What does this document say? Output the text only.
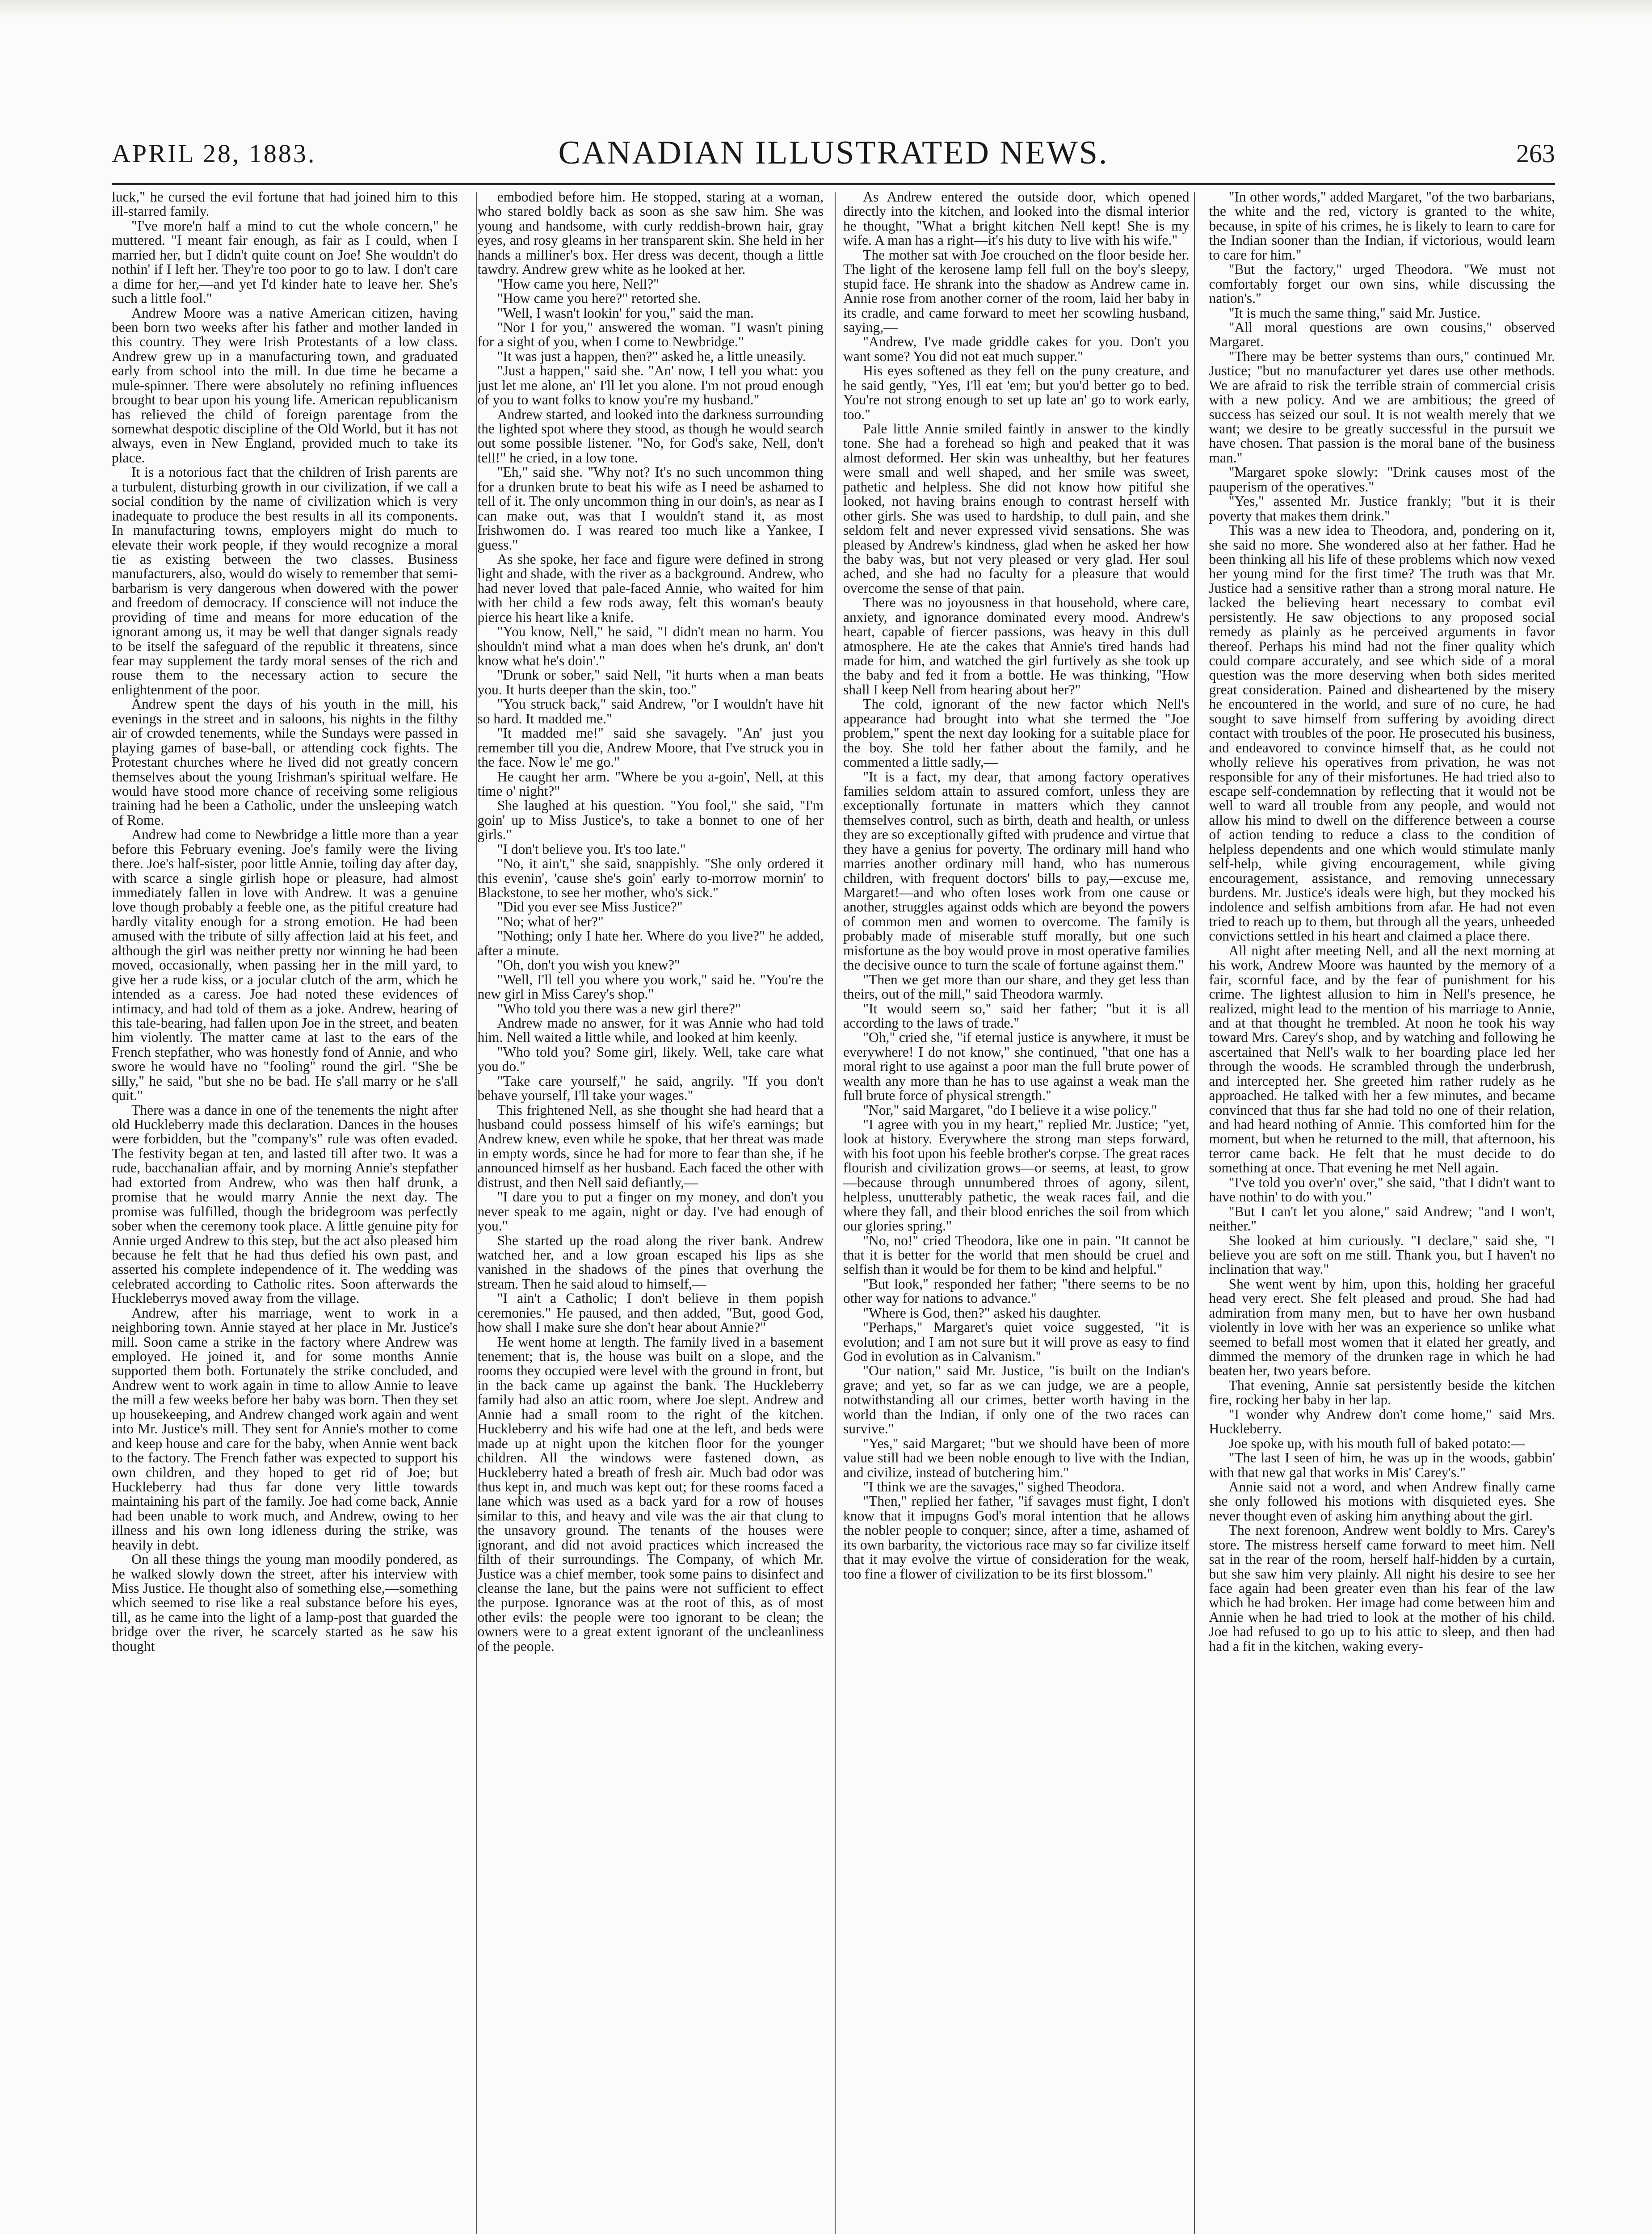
APRIL 28, 1883.	CANADIAN ILLUSTRATED NEWS.	263

luck," he cursed the evil fortune that had joined him to this ill-starred family.

"I've more'n half a mind to cut the whole concern," he muttered. "I meant fair enough, as fair as I could, when I married her, but I didn't quite count on Joe! She wouldn't do nothin' if I left her. They're too poor to go to law. I don't care a dime for her,—and yet I'd kinder hate to leave her. She's such a little fool."

Andrew Moore was a native American citizen, having been born two weeks after his father and mother landed in this country. They were Irish Protestants of a low class. Andrew grew up in a manufacturing town, and graduated early from school into the mill. In due time he became a mule-spinner. There were absolutely no refining influences brought to bear upon his young life. American republicanism has relieved the child of foreign parentage from the somewhat despotic discipline of the Old World, but it has not always, even in New England, provided much to take its place.

It is a notorious fact that the children of Irish parents are a turbulent, disturbing growth in our civilization, if we call a social condition by the name of civilization which is very inadequate to produce the best results in all its components. In manufacturing towns, employers might do much to elevate their work people, if they would recognize a moral tie as existing between the two classes. Business manufacturers, also, would do wisely to remember that semi-barbarism is very dangerous when dowered with the power and freedom of democracy. If conscience will not induce the providing of time and means for more education of the ignorant among us, it may be well that danger signals ready to be itself the safeguard of the republic it threatens, since fear may supplement the tardy moral senses of the rich and rouse them to the necessary action to secure the enlightenment of the poor.

Andrew spent the days of his youth in the mill, his evenings in the street and in saloons, his nights in the filthy air of crowded tenements, while the Sundays were passed in playing games of base-ball, or attending cock fights. The Protestant churches where he lived did not greatly concern themselves about the young Irishman's spiritual welfare. He would have stood more chance of receiving some religious training had he been a Catholic, under the unsleeping watch of Rome.

Andrew had come to Newbridge a little more than a year before this February evening. Joe's family were the living there. Joe's half-sister, poor little Annie, toiling day after day, with scarce a single girlish hope or pleasure, had almost immediately fallen in love with Andrew. It was a genuine love though probably a feeble one, as the pitiful creature had hardly vitality enough for a strong emotion. He had been amused with the tribute of silly affection laid at his feet, and although the girl was neither pretty nor winning he had been moved, occasionally, when passing her in the mill yard, to give her a rude kiss, or a jocular clutch of the arm, which he intended as a caress. Joe had noted these evidences of intimacy, and had told of them as a joke. Andrew, hearing of this tale-bearing, had fallen upon Joe in the street, and beaten him violently. The matter came at last to the ears of the French stepfather, who was honestly fond of Annie, and who swore he would have no "fooling" round the girl. "She be silly," he said, "but she no be bad. He s'all marry or he s'all quit."

There was a dance in one of the tenements the night after old Huckleberry made this declaration. Dances in the houses were forbidden, but the "company's" rule was often evaded. The festivity began at ten, and lasted till after two. It was a rude, bacchanalian affair, and by morning Annie's stepfather had extorted from Andrew, who was then half drunk, a promise that he would marry Annie the next day. The promise was fulfilled, though the bridegroom was perfectly sober when the ceremony took place. A little genuine pity for Annie urged Andrew to this step, but the act also pleased him because he felt that he had thus defied his own past, and asserted his complete independence of it. The wedding was celebrated according to Catholic rites. Soon afterwards the Huckleberrys moved away from the village.

Andrew, after his marriage, went to work in a neighboring town. Annie stayed at her place in Mr. Justice's mill. Soon came a strike in the factory where Andrew was employed. He joined it, and for some months Annie supported them both. Fortunately the strike concluded, and Andrew went to work again in time to allow Annie to leave the mill a few weeks before her baby was born. Then they set up housekeeping, and Andrew changed work again and went into Mr. Justice's mill. They sent for Annie's mother to come and keep house and care for the baby, when Annie went back to the factory. The French father was expected to support his own children, and they hoped to get rid of Joe; but Huckleberry had thus far done very little towards maintaining his part of the family. Joe had come back, Annie had been unable to work much, and Andrew, owing to her illness and his own long idleness during the strike, was heavily in debt.

On all these things the young man moodily pondered, as he walked slowly down the street, after his interview with Miss Justice. He thought also of something else,—something which seemed to rise like a real substance before his eyes, till, as he came into the light of a lamp-post that guarded the bridge over the river, he scarcely started as he saw his thought

embodied before him. He stopped, staring at a woman, who stared boldly back as soon as she saw him. She was young and handsome, with curly reddish-brown hair, gray eyes, and rosy gleams in her transparent skin. She held in her hands a milliner's box. Her dress was decent, though a little tawdry. Andrew grew white as he looked at her.

"How came you here, Nell?"

"How came you here?" retorted she.

"Well, I wasn't lookin' for you," said the man.

"Nor I for you," answered the woman. "I wasn't pining for a sight of you, when I come to Newbridge."

"It was just a happen, then?" asked he, a little uneasily.

"Just a happen," said she. "An' now, I tell you what: you just let me alone, an' I'll let you alone. I'm not proud enough of you to want folks to know you're my husband."

Andrew started, and looked into the darkness surrounding the lighted spot where they stood, as though he would search out some possible listener. "No, for God's sake, Nell, don't tell!" he cried, in a low tone.

"Eh," said she. "Why not? It's no such uncommon thing for a drunken brute to beat his wife as I need be ashamed to tell of it. The only uncommon thing in our doin's, as near as I can make out, was that I wouldn't stand it, as most Irishwomen do. I was reared too much like a Yankee, I guess."

As she spoke, her face and figure were defined in strong light and shade, with the river as a background. Andrew, who had never loved that pale-faced Annie, who waited for him with her child a few rods away, felt this woman's beauty pierce his heart like a knife.

"You know, Nell," he said, "I didn't mean no harm. You shouldn't mind what a man does when he's drunk, an' don't know what he's doin'."

"Drunk or sober," said Nell, "it hurts when a man beats you. It hurts deeper than the skin, too."

"You struck back," said Andrew, "or I wouldn't have hit so hard. It madded me."

"It madded me!" said she savagely. "An' just you remember till you die, Andrew Moore, that I've struck you in the face. Now le' me go."

He caught her arm. "Where be you a-goin', Nell, at this time o' night?"

She laughed at his question. "You fool," she said, "I'm goin' up to Miss Justice's, to take a bonnet to one of her girls."

"I don't believe you. It's too late."

"No, it ain't," she said, snappishly. "She only ordered it this evenin', 'cause she's goin' early to-morrow mornin' to Blackstone, to see her mother, who's sick."

"Did you ever see Miss Justice?"

"No; what of her?"

"Nothing; only I hate her. Where do you live?" he added, after a minute.

"Oh, don't you wish you knew?"

"Well, I'll tell you where you work," said he. "You're the new girl in Miss Carey's shop."

"Who told you there was a new girl there?"

Andrew made no answer, for it was Annie who had told him. Nell waited a little while, and looked at him keenly.

"Who told you? Some girl, likely. Well, take care what you do."

"Take care yourself," he said, angrily. "If you don't behave yourself, I'll take your wages."

This frightened Nell, as she thought she had heard that a husband could possess himself of his wife's earnings; but Andrew knew, even while he spoke, that her threat was made in empty words, since he had for more to fear than she, if he announced himself as her husband. Each faced the other with distrust, and then Nell said defiantly,—

"I dare you to put a finger on my money, and don't you never speak to me again, night or day. I've had enough of you."

She started up the road along the river bank. Andrew watched her, and a low groan escaped his lips as she vanished in the shadows of the pines that overhung the stream. Then he said aloud to himself,—

"I ain't a Catholic; I don't believe in them popish ceremonies." He paused, and then added, "But, good God, how shall I make sure she don't hear about Annie?"

He went home at length. The family lived in a basement tenement; that is, the house was built on a slope, and the rooms they occupied were level with the ground in front, but in the back came up against the bank. The Huckleberry family had also an attic room, where Joe slept. Andrew and Annie had a small room to the right of the kitchen. Huckleberry and his wife had one at the left, and beds were made up at night upon the kitchen floor for the younger children. All the windows were fastened down, as Huckleberry hated a breath of fresh air. Much bad odor was thus kept in, and much was kept out; for these rooms faced a lane which was used as a back yard for a row of houses similar to this, and heavy and vile was the air that clung to the unsavory ground. The tenants of the houses were ignorant, and did not avoid practices which increased the filth of their surroundings. The Company, of which Mr. Justice was a chief member, took some pains to disinfect and cleanse the lane, but the pains were not sufficient to effect the purpose. Ignorance was at the root of this, as of most other evils: the people were too ignorant to be clean; the owners were to a great extent ignorant of the uncleanliness of the people.

As Andrew entered the outside door, which opened directly into the kitchen, and looked into the dismal interior he thought, "What a bright kitchen Nell kept! She is my wife. A man has a right—it's his duty to live with his wife."

The mother sat with Joe crouched on the floor beside her. The light of the kerosene lamp fell full on the boy's sleepy, stupid face. He shrank into the shadow as Andrew came in. Annie rose from another corner of the room, laid her baby in its cradle, and came forward to meet her scowling husband, saying,—

"Andrew, I've made griddle cakes for you. Don't you want some? You did not eat much supper."

His eyes softened as they fell on the puny creature, and he said gently, "Yes, I'll eat 'em; but you'd better go to bed. You're not strong enough to set up late an' go to work early, too."

Pale little Annie smiled faintly in answer to the kindly tone. She had a forehead so high and peaked that it was almost deformed. Her skin was unhealthy, but her features were small and well shaped, and her smile was sweet, pathetic and helpless. She did not know how pitiful she looked, not having brains enough to contrast herself with other girls. She was used to hardship, to dull pain, and she seldom felt and never expressed vivid sensations. She was pleased by Andrew's kindness, glad when he asked her how the baby was, but not very pleased or very glad. Her soul ached, and she had no faculty for a pleasure that would overcome the sense of that pain.

There was no joyousness in that household, where care, anxiety, and ignorance dominated every mood. Andrew's heart, capable of fiercer passions, was heavy in this dull atmosphere. He ate the cakes that Annie's tired hands had made for him, and watched the girl furtively as she took up the baby and fed it from a bottle. He was thinking, "How shall I keep Nell from hearing about her?"

The cold, ignorant of the new factor which Nell's appearance had brought into what she termed the "Joe problem," spent the next day looking for a suitable place for the boy. She told her father about the family, and he commented a little sadly,—

"It is a fact, my dear, that among factory operatives families seldom attain to assured comfort, unless they are exceptionally fortunate in matters which they cannot themselves control, such as birth, death and health, or unless they are so exceptionally gifted with prudence and virtue that they have a genius for poverty. The ordinary mill hand who marries another ordinary mill hand, who has numerous children, with frequent doctors' bills to pay,—excuse me, Margaret!—and who often loses work from one cause or another, struggles against odds which are beyond the powers of common men and women to overcome. The family is probably made of miserable stuff morally, but one such misfortune as the boy would prove in most operative families the decisive ounce to turn the scale of fortune against them."

"Then we get more than our share, and they get less than theirs, out of the mill," said Theodora warmly.

"It would seem so," said her father; "but it is all according to the laws of trade."

"Oh," cried she, "if eternal justice is anywhere, it must be everywhere! I do not know," she continued, "that one has a moral right to use against a poor man the full brute power of wealth any more than he has to use against a weak man the full brute force of physical strength."

"Nor," said Margaret, "do I believe it a wise policy."

"I agree with you in my heart," replied Mr. Justice; "yet, look at history. Everywhere the strong man steps forward, with his foot upon his feeble brother's corpse. The great races flourish and civilization grows—or seems, at least, to grow—because through unnumbered throes of agony, silent, helpless, unutterably pathetic, the weak races fail, and die where they fall, and their blood enriches the soil from which our glories spring."

"No, no!" cried Theodora, like one in pain. "It cannot be that it is better for the world that men should be cruel and selfish than it would be for them to be kind and helpful."

"But look," responded her father; "there seems to be no other way for nations to advance."

"Where is God, then?" asked his daughter.

"Perhaps," Margaret's quiet voice suggested, "it is evolution; and I am not sure but it will prove as easy to find God in evolution as in Calvanism."

"Our nation," said Mr. Justice, "is built on the Indian's grave; and yet, so far as we can judge, we are a people, notwithstanding all our crimes, better worth having in the world than the Indian, if only one of the two races can survive."

"Yes," said Margaret; "but we should have been of more value still had we been noble enough to live with the Indian, and civilize, instead of butchering him."

"I think we are the savages," sighed Theodora.

"Then," replied her father, "if savages must fight, I don't know that it impugns God's moral intention that he allows the nobler people to conquer; since, after a time, ashamed of its own barbarity, the victorious race may so far civilize itself that it may evolve the virtue of consideration for the weak, too fine a flower of civilization to be its first blossom."

"In other words," added Margaret, "of the two barbarians, the white and the red, victory is granted to the white, because, in spite of his crimes, he is likely to learn to care for the Indian sooner than the Indian, if victorious, would learn to care for him."

"But the factory," urged Theodora. "We must not comfortably forget our own sins, while discussing the nation's."

"It is much the same thing," said Mr. Justice.

"All moral questions are own cousins," observed Margaret.

"There may be better systems than ours," continued Mr. Justice; "but no manufacturer yet dares use other methods. We are afraid to risk the terrible strain of commercial crisis with a new policy. And we are ambitious; the greed of success has seized our soul. It is not wealth merely that we want; we desire to be greatly successful in the pursuit we have chosen. That passion is the moral bane of the business man."

"Margaret spoke slowly: "Drink causes most of the pauperism of the operatives."

"Yes," assented Mr. Justice frankly; "but it is their poverty that makes them drink."

This was a new idea to Theodora, and, pondering on it, she said no more. She wondered also at her father. Had he been thinking all his life of these problems which now vexed her young mind for the first time? The truth was that Mr. Justice had a sensitive rather than a strong moral nature. He lacked the believing heart necessary to combat evil persistently. He saw objections to any proposed social remedy as plainly as he perceived arguments in favor thereof. Perhaps his mind had not the finer quality which could compare accurately, and see which side of a moral question was the more deserving when both sides merited great consideration. Pained and disheartened by the misery he encountered in the world, and sure of no cure, he had sought to save himself from suffering by avoiding direct contact with troubles of the poor. He prosecuted his business, and endeavored to convince himself that, as he could not wholly relieve his operatives from privation, he was not responsible for any of their misfortunes. He had tried also to escape self-condemnation by reflecting that it would not be well to ward all trouble from any people, and would not allow his mind to dwell on the difference between a course of action tending to reduce a class to the condition of helpless dependents and one which would stimulate manly self-help, while giving encouragement, while giving encouragement, assistance, and removing unnecessary burdens. Mr. Justice's ideals were high, but they mocked his indolence and selfish ambitions from afar. He had not even tried to reach up to them, but through all the years, unheeded convictions settled in his heart and claimed a place there.

All night after meeting Nell, and all the next morning at his work, Andrew Moore was haunted by the memory of a fair, scornful face, and by the fear of punishment for his crime. The lightest allusion to him in Nell's presence, he realized, might lead to the mention of his marriage to Annie, and at that thought he trembled. At noon he took his way toward Mrs. Carey's shop, and by watching and following he ascertained that Nell's walk to her boarding place led her through the woods. He scrambled through the underbrush, and intercepted her. She greeted him rather rudely as he approached. He talked with her a few minutes, and became convinced that thus far she had told no one of their relation, and had heard nothing of Annie. This comforted him for the moment, but when he returned to the mill, that afternoon, his terror came back. He felt that he must decide to do something at once. That evening he met Nell again.

"I've told you over'n' over," she said, "that I didn't want to have nothin' to do with you."

"But I can't let you alone," said Andrew; "and I won't, neither."

She looked at him curiously. "I declare," said she, "I believe you are soft on me still. Thank you, but I haven't no inclination that way."

She went went by him, upon this, holding her graceful head very erect. She felt pleased and proud. She had had admiration from many men, but to have her own husband violently in love with her was an experience so unlike what seemed to befall most women that it elated her greatly, and dimmed the memory of the drunken rage in which he had beaten her, two years before.

That evening, Annie sat persistently beside the kitchen fire, rocking her baby in her lap.

"I wonder why Andrew don't come home," said Mrs. Huckleberry.

Joe spoke up, with his mouth full of baked potato:—

"The last I seen of him, he was up in the woods, gabbin' with that new gal that works in Mis' Carey's."

Annie said not a word, and when Andrew finally came she only followed his motions with disquieted eyes. She never thought even of asking him anything about the girl.

The next forenoon, Andrew went boldly to Mrs. Carey's store. The mistress herself came forward to meet him. Nell sat in the rear of the room, herself half-hidden by a curtain, but she saw him very plainly. All night his desire to see her face again had been greater even than his fear of the law which he had broken. Her image had come between him and Annie when he had tried to look at the mother of his child. Joe had refused to go up to his attic to sleep, and then had had a fit in the kitchen, waking every-
